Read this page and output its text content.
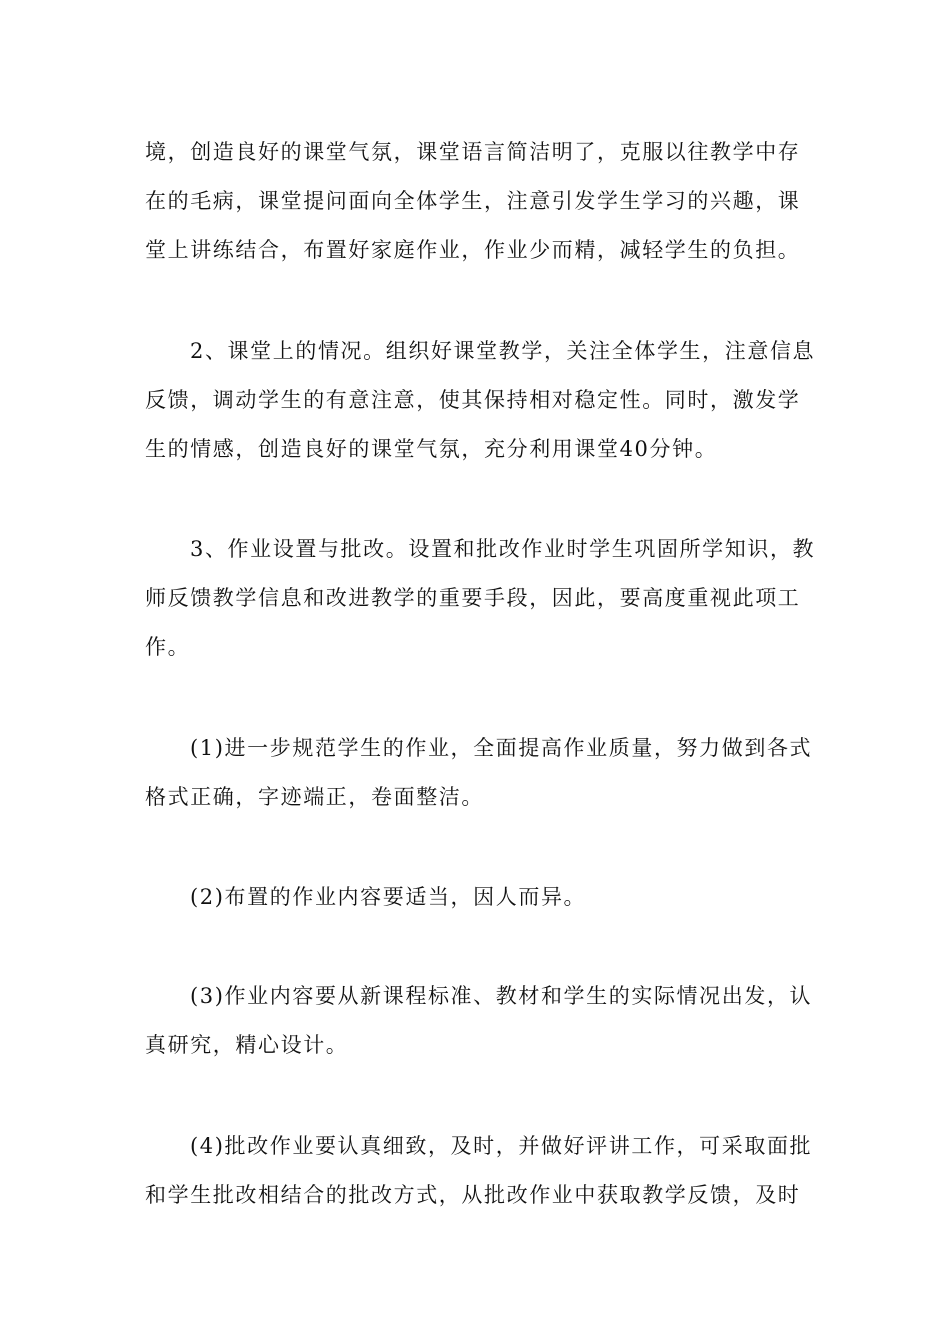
境，创造良好的课堂气氛，课堂语言简洁明了，克服以往教学中存
在的毛病，课堂提问面向全体学生，注意引发学生学习的兴趣，课
堂上讲练结合，布置好家庭作业，作业少而精，减轻学生的负担。
2、课堂上的情况。组织好课堂教学，关注全体学生，注意信息
反馈，调动学生的有意注意，使其保持相对稳定性。同时，激发学
生的情感，创造良好的课堂气氛，充分利用课堂40分钟。
3、作业设置与批改。设置和批改作业时学生巩固所学知识，教
师反馈教学信息和改进教学的重要手段，因此，要高度重视此项工
作。
(1)进一步规范学生的作业，全面提高作业质量，努力做到各式
格式正确，字迹端正，卷面整洁。
(2)布置的作业内容要适当，因人而异。
(3)作业内容要从新课程标准、教材和学生的实际情况出发，认
真研究，精心设计。
(4)批改作业要认真细致，及时，并做好评讲工作，可采取面批
和学生批改相结合的批改方式，从批改作业中获取教学反馈，及时
